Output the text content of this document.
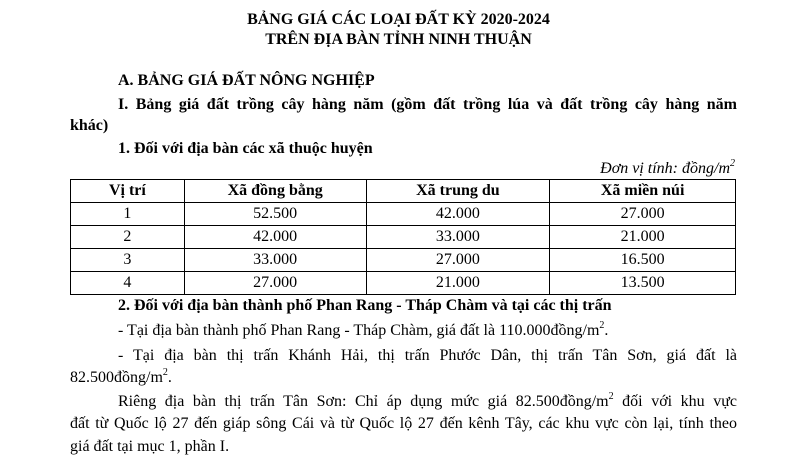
BẢNG GIÁ CÁC LOẠI ĐẤT KỲ 2020-2024
TRÊN ĐỊA BÀN TỈNH NINH THUẬN
A. BẢNG GIÁ ĐẤT NÔNG NGHIỆP
I. Bảng giá đất trồng cây hàng năm (gồm đất trồng lúa và đất trồng cây hàng năm
khác)
1. Đối với địa bàn các xã thuộc huyện
Đơn vị tính: đồng/$m^2$
Vị trí	Xã đồng bằng	Xã trung du	Xã miền núi
1	52.500	42.000	27.000
2	42.000	33.000	21.000
3	33.000	27.000	16.500
4	27.000	21.000	13.500
2. Đối với địa bàn thành phố Phan Rang - Tháp Chàm và tại các thị trấn
- Tại địa bàn thành phố Phan Rang - Tháp Chàm, giá đất là $110.000đồng/m^2$.
- Tại địa bàn thị trấn Khánh Hải, thị trấn Phước Dân, thị trấn Tân Sơn, giá đất là
$82.500đồng/m^2$.
Riêng địa bàn thị trấn Tân Sơn: Chỉ áp dụng mức giá $82.500đồng/m^2$ đối với khu vực
đất từ Quốc lộ 27 đến giáp sông Cái và từ Quốc lộ 27 đến kênh Tây, các khu vực còn lại, tính theo
giá đất tại mục 1, phần I.
